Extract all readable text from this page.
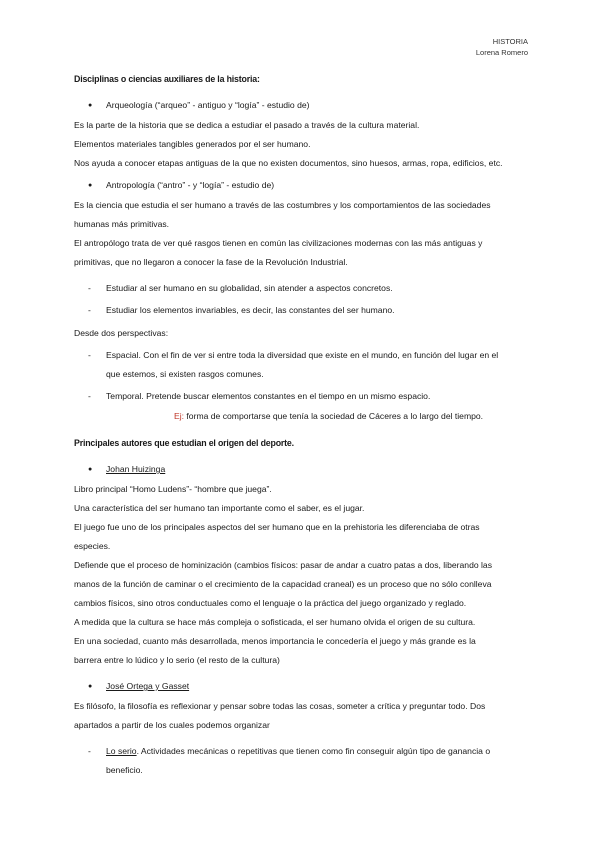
HISTORIA
Lorena Romero
Disciplinas o ciencias auxiliares de la historia:
● Arqueología (“arqueo” - antiguo y “logía” - estudio de)

Es la parte de la historia que se dedica a estudiar el pasado a través de la cultura material.

Elementos materiales tangibles generados por el ser humano.

Nos ayuda a conocer etapas antiguas de la que no existen documentos, sino huesos, armas, ropa, edificios, etc.

● Antropología (“antro” - y “logía” - estudio de)

Es la ciencia que estudia el ser humano a través de las costumbres y los comportamientos de las sociedades

humanas más primitivas.

El antropólogo trata de ver qué rasgos tienen en común las civilizaciones modernas con las más antiguas y

primitivas, que no llegaron a conocer la fase de la Revolución Industrial.

- Estudiar al ser humano en su globalidad, sin atender a aspectos concretos.
- Estudiar los elementos invariables, es decir, las constantes del ser humano.

Desde dos perspectivas:

- Espacial. Con el fin de ver si entre toda la diversidad que existe en el mundo, en función del lugar en el
que estemos, si existen rasgos comunes.
- Temporal. Pretende buscar elementos constantes en el tiempo en un mismo espacio.

Ej: forma de comportarse que tenía la sociedad de Cáceres a lo largo del tiempo.

Principales autores que estudian el origen del deporte.
● Johan Huizinga

Libro principal “Homo Ludens”- “hombre que juega”.

Una característica del ser humano tan importante como el saber, es el jugar.

El juego fue uno de los principales aspectos del ser humano que en la prehistoria les diferenciaba de otras

especies.

Defiende que el proceso de hominización (cambios físicos: pasar de andar a cuatro patas a dos, liberando las

manos de la función de caminar o el crecimiento de la capacidad craneal) es un proceso que no sólo conlleva

cambios físicos, sino otros conductuales como el lenguaje o la práctica del juego organizado y reglado.

A medida que la cultura se hace más compleja o sofisticada, el ser humano olvida el origen de su cultura.

En una sociedad, cuanto más desarrollada, menos importancia le concedería el juego y más grande es la

barrera entre lo lúdico y lo serio (el resto de la cultura)

● José Ortega y Gasset

Es filósofo, la filosofía es reflexionar y pensar sobre todas las cosas, someter a crítica y preguntar todo. Dos

apartados a partir de los cuales podemos organizar

- Lo serio. Actividades mecánicas o repetitivas que tienen como fin conseguir algún tipo de ganancia o
beneficio.
